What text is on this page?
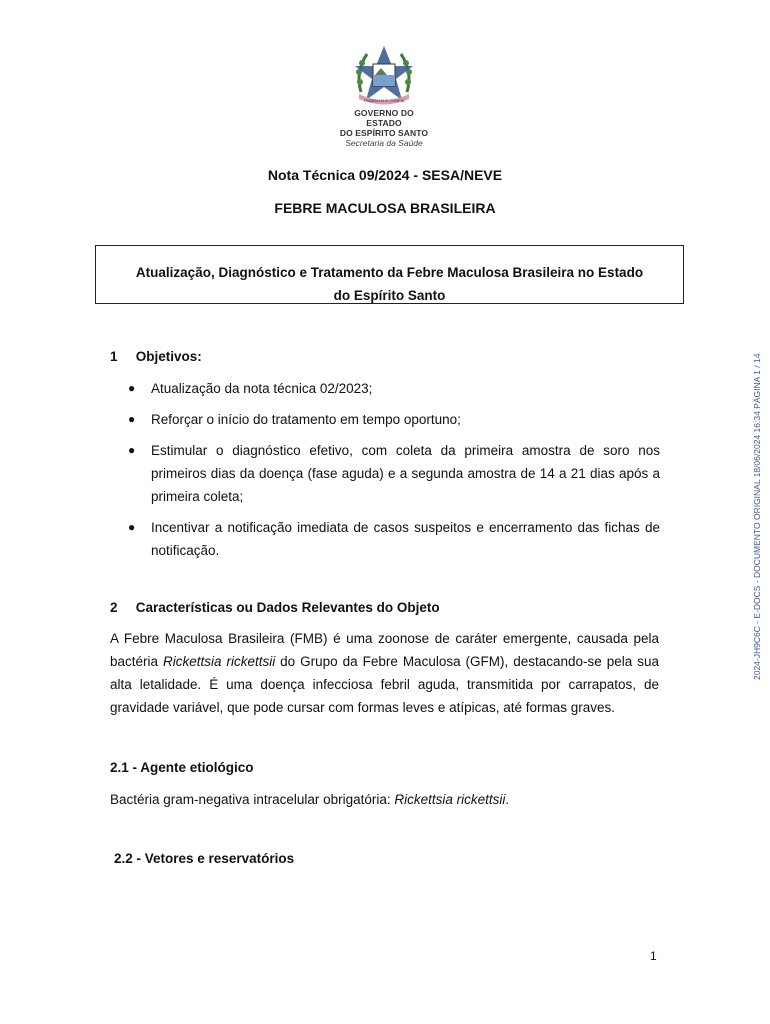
TRABALHA E CONFIA
GOVERNO DO ESTADO
DO ESPÍRITO SANTO
Secretaria da Saúde
Nota Técnica 09/2024 - SESA/NEVE
FEBRE MACULOSA BRASILEIRA
Atualização, Diagnóstico e Tratamento da Febre Maculosa Brasileira no Estado
do Espírito Santo
1 Objetivos:
● Atualização da nota técnica 02/2023;
● Reforçar o início do tratamento em tempo oportuno;
● Estimular o diagnóstico efetivo, com coleta da primeira amostra de soro nos primeiros dias da doença (fase aguda) e a segunda amostra de 14 a 21 dias após a primeira coleta;
● Incentivar a notificação imediata de casos suspeitos e encerramento das fichas de notificação.
2 Características ou Dados Relevantes do Objeto
A Febre Maculosa Brasileira (FMB) é uma zoonose de caráter emergente, causada pela bactéria Rickettsia rickettsii do Grupo da Febre Maculosa (GFM), destacando-se pela sua alta letalidade. É uma doença infecciosa febril aguda, transmitida por carrapatos, de gravidade variável, que pode cursar com formas leves e atípicas, até formas graves.
2.1 - Agente etiológico
Bactéria gram-negativa intracelular obrigatória: Rickettsia rickettsii.
2.2 - Vetores e reservatórios
1
2024-JH9C6C - E-DOCS - DOCUMENTO ORIGINAL 18/06/2024 16:34 PÁGINA 1 / 14
